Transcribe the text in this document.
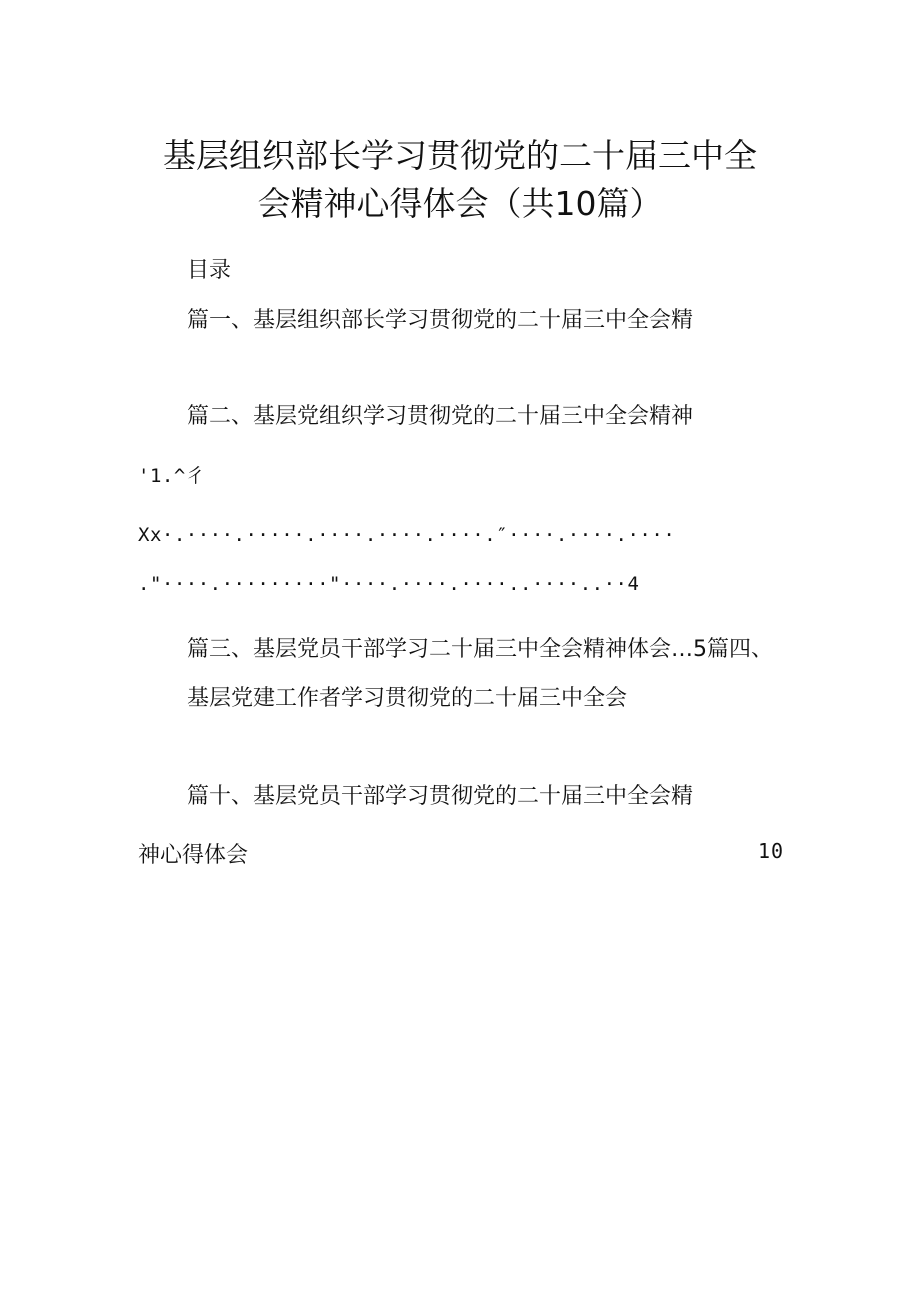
基层组织部长学习贯彻党的二十届三中全
会精神心得体会（共10篇）
目录
篇一、基层组织部长学习贯彻党的二十届三中全会精
篇二、基层党组织学习贯彻党的二十届三中全会精神
'1.^彳
Xx·.····.·····.····.····.····.″····.····.····
."····.·········"····.····.····..····..··4
篇三、基层党员干部学习二十届三中全会精神体会…5篇四、
基层党建工作者学习贯彻党的二十届三中全会
篇十、基层党员干部学习贯彻党的二十届三中全会精
神心得体会	10
